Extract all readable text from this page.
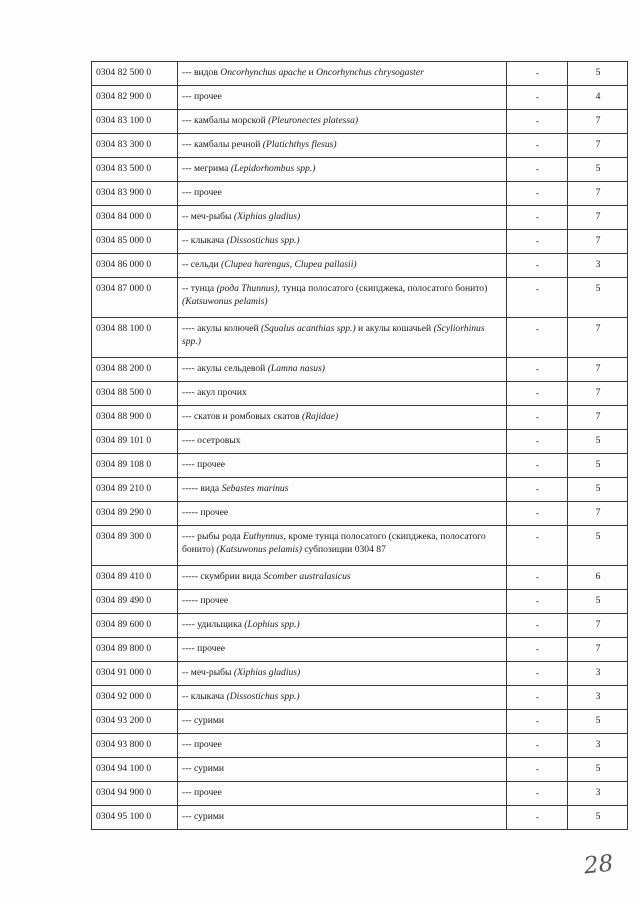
0304 82 500 0	--- видов Oncorhynchus apache и Oncorhynchus chrysogaster	-	5
0304 82 900 0	--- прочее	-	4
0304 83 100 0	--- камбалы морской (Pleuronectes platessa)	-	7
0304 83 300 0	--- камбалы речной (Platichthys flesus)	-	7
0304 83 500 0	--- мегрима (Lepidorhombus spp.)	-	5
0304 83 900 0	--- прочее	-	7
0304 84 000 0	-- меч-рыбы (Xiphias gladius)	-	7
0304 85 000 0	-- клыкача (Dissostichus spp.)	-	7
0304 86 000 0	-- сельди (Clupea harengus, Clupea pallasii)	-	3
0304 87 000 0	-- тунца (рода Thunnus), тунца полосатого (скипджека, полосатого бонито) (Katsuwonus pelamis)	-	5
0304 88 100 0	---- акулы колючей (Squalus acanthias spp.) и акулы кошачьей (Scyliorhinus spp.)	-	7
0304 88 200 0	---- акулы сельдевой (Lamna nasus)	-	7
0304 88 500 0	---- акул прочих	-	7
0304 88 900 0	--- скатов и ромбовых скатов (Rajidae)	-	7
0304 89 101 0	---- осетровых	-	5
0304 89 108 0	---- прочее	-	5
0304 89 210 0	----- вида Sebastes marinus	-	5
0304 89 290 0	----- прочее	-	7
0304 89 300 0	---- рыбы рода Euthynnus, кроме тунца полосатого (скипджека, полосатого бонито) (Katsuwonus pelamis) субпозиции 0304 87	-	5
0304 89 410 0	----- скумбрии вида Scomber australasicus	-	6
0304 89 490 0	----- прочее	-	5
0304 89 600 0	---- удильщика (Lophius spp.)	-	7
0304 89 800 0	---- прочее	-	7
0304 91 000 0	-- меч-рыбы (Xiphias gladius)	-	3
0304 92 000 0	-- клыкача (Dissostichus spp.)	-	3
0304 93 200 0	--- сурими	-	5
0304 93 800 0	--- прочее	-	3
0304 94 100 0	--- сурими	-	5
0304 94 900 0	--- прочее	-	3
0304 95 100 0	--- сурими	-	5
28
